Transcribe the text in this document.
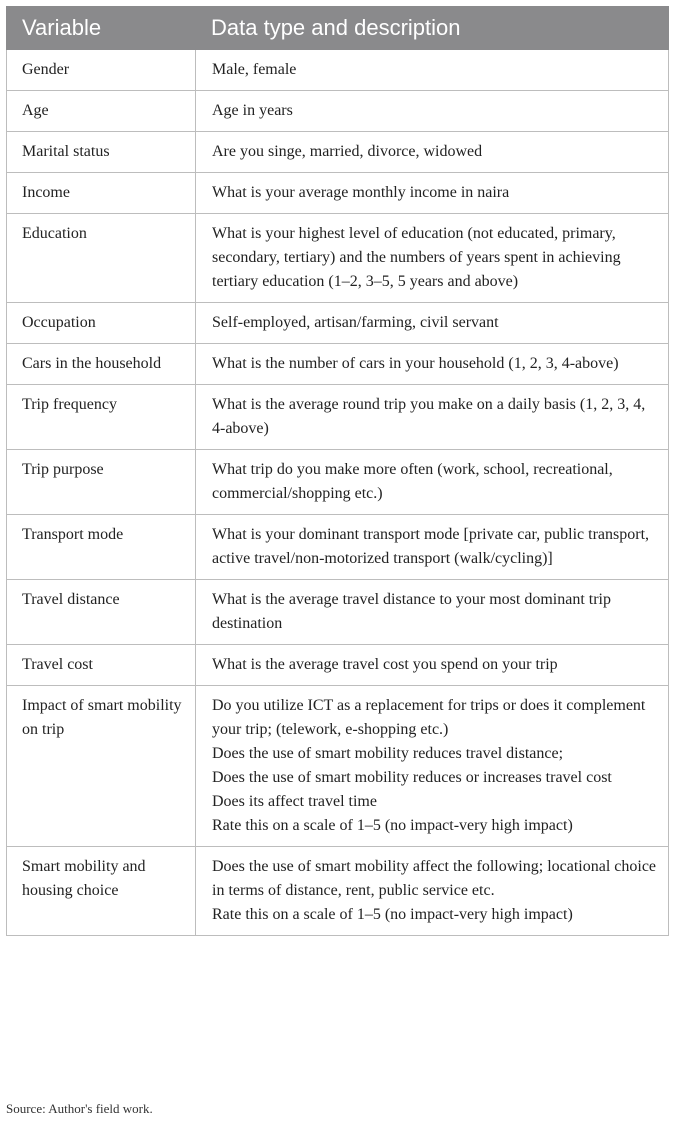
Variable	Data type and description
Gender	Male, female

Age	Age in years

Marital status	Are you singe, married, divorce, widowed

Income	What is your average monthly income in naira

Education	What is your highest level of education (not educated, primary, secondary, tertiary) and the numbers of years spent in achieving tertiary education (1–2, 3–5, 5 years and above)

Occupation	Self-employed, artisan/farming, civil servant

Cars in the household	What is the number of cars in your household (1, 2, 3, 4-above)

Trip frequency	What is the average round trip you make on a daily basis (1, 2, 3, 4, 4-above)

Trip purpose	What trip do you make more often (work, school, recreational, commercial/shopping etc.)

Transport mode	What is your dominant transport mode [private car, public transport, active travel/non-motorized transport (walk/cycling)]

Travel distance	What is the average travel distance to your most dominant trip destination

Travel cost	What is the average travel cost you spend on your trip

Impact of smart mobility on trip	Do you utilize ICT as a replacement for trips or does it complement your trip; (telework, e-shopping etc.)
Does the use of smart mobility reduces travel distance;
Does the use of smart mobility reduces or increases travel cost
Does its affect travel time
Rate this on a scale of 1–5 (no impact-very high impact)

Smart mobility and housing choice	Does the use of smart mobility affect the following; locational choice in terms of distance, rent, public service etc.
Rate this on a scale of 1–5 (no impact-very high impact)
Source: Author's field work.
